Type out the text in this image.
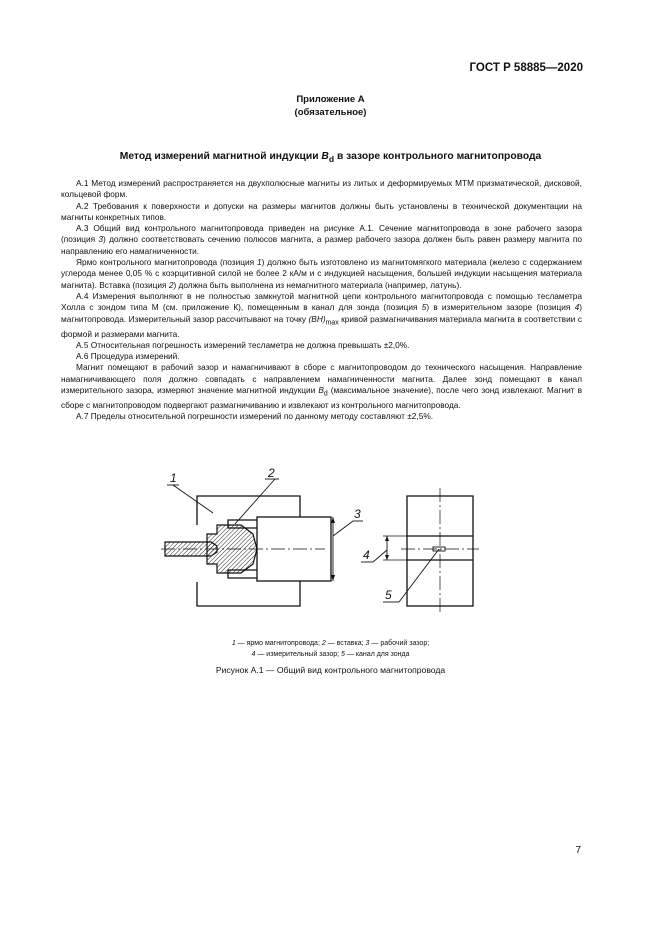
ГОСТ Р 58885—2020
Приложение А
(обязательное)
Метод измерений магнитной индукции $B_d$ в зазоре контрольного магнитопровода

А.1 Метод измерений распространяется на двухполюсные магниты из литых и деформируемых МТМ призматической, дисковой, кольцевой форм.

А.2 Требования к поверхности и допуски на размеры магнитов должны быть установлены в технической документации на магниты конкретных типов.

А.3 Общий вид контрольного магнитопровода приведен на рисунке А.1. Сечение магнитопровода в зоне рабочего зазора (позиция 3) должно соответствовать сечению полюсов магнита, а размер рабочего зазора должен быть равен размеру магнита по направлению его намагниченности.

Ярмо контрольного магнитопровода (позиция 1) должно быть изготовлено из магнитомягкого материала (железо с содержанием углерода менее 0,05 % с коэрцитивной силой не более 2 кА/м и с индукцией насыщения, большей индукции насыщения материала магнита). Вставка (позиция 2) должна быть выполнена из немагнитного материала (например, латунь).

А.4 Измерения выполняют в не полностью замкнутой магнитной цепи контрольного магнитопровода с помощью тесламетра Холла с зондом типа М (см. приложение К), помещенным в канал для зонда (позиция 5) в измерительном зазоре (позиция 4) магнитопровода. Измерительный зазор рассчитывают на точку $(BH)_{max}$ кривой размагничивания материала магнита в соответствии с формой и размерами магнита.

А.5 Относительная погрешность измерений тесламетра не должна превышать ±2,0%.

А.6 Процедура измерений.

Магнит помещают в рабочий зазор и намагничивают в сборе с магнитопроводом до технического насыщения. Направление намагничивающего поля должно совпадать с направлением намагниченности магнита. Далее зонд помещают в канал измерительного зазора, измеряют значение магнитной индукции $B_d$ (максимальное значение), после чего зонд извлекают. Магнит в сборе с магнитопроводом подвергают размагничиванию и извлекают из контрольного магнитопровода.

А.7 Пределы относительной погрешности измерений по данному методу составляют ±2,5%.

1	2
3
4
5
1 — ярмо магнитопровода; 2 — вставка; 3 — рабочий зазор;
4 — измерительный зазор; 5 — канал для зонда
Рисунок А.1 — Общий вид контрольного магнитопровода
7
